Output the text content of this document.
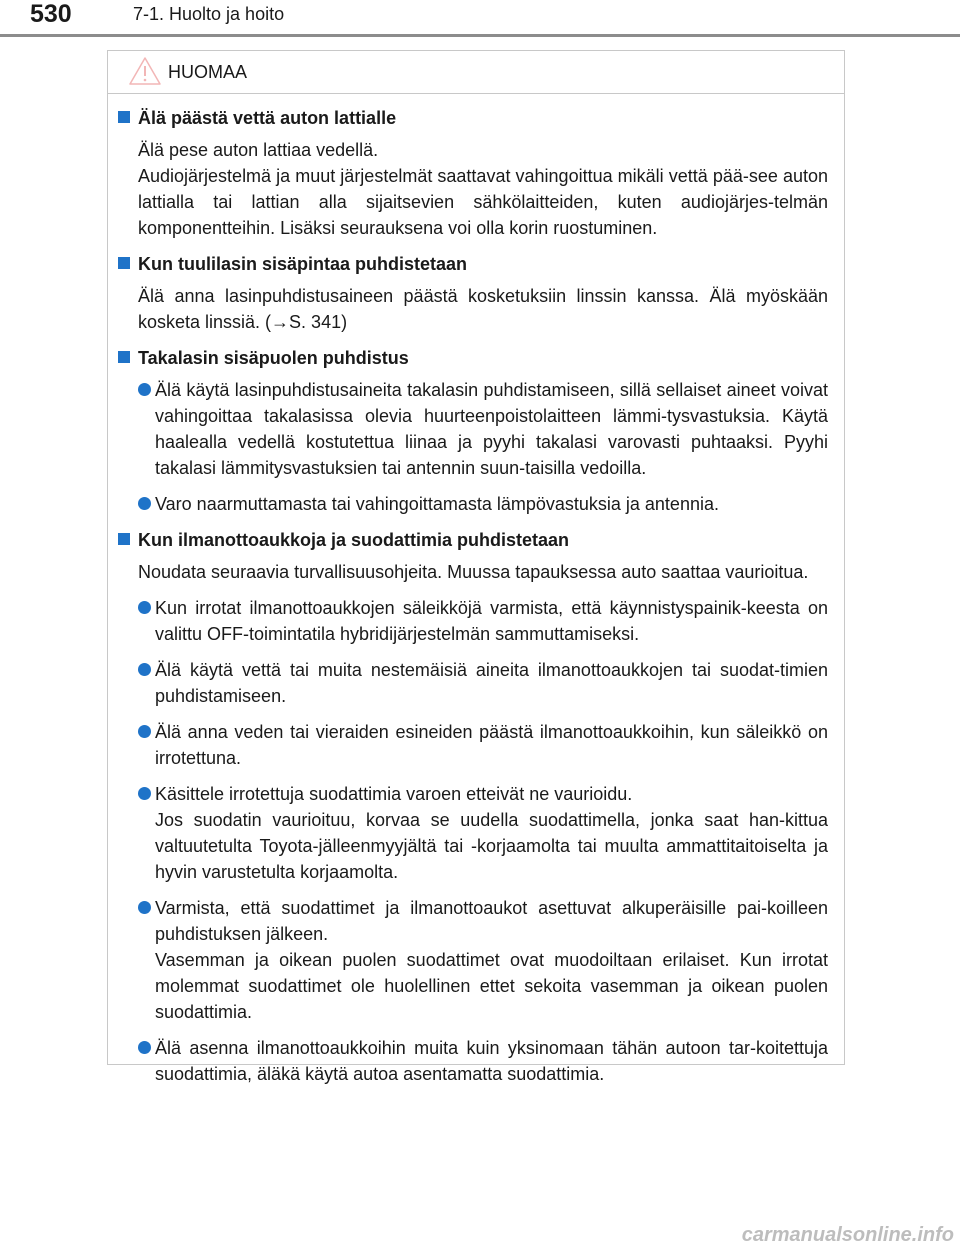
530	7-1. Huolto ja hoito
HUOMAA

Älä päästä vettä auton lattialle

Älä pese auton lattiaa vedellä.

Audiojärjestelmä ja muut järjestelmät saattavat vahingoittua mikäli vettä pää-see auton lattialla tai lattian alla sijaitsevien sähkölaitteiden, kuten audiojärjes-telmän komponentteihin. Lisäksi seurauksena voi olla korin ruostuminen.

Kun tuulilasin sisäpintaa puhdistetaan

Älä anna lasinpuhdistusaineen päästä kosketuksiin linssin kanssa. Älä myöskään kosketa linssiä. (→S. 341)

Takalasin sisäpuolen puhdistus

Älä käytä lasinpuhdistusaineita takalasin puhdistamiseen, sillä sellaiset aineet voivat vahingoittaa takalasissa olevia huurteenpoistolaitteen lämmi-tysvastuksia. Käytä haalealla vedellä kostutettua liinaa ja pyyhi takalasi varovasti puhtaaksi. Pyyhi takalasi lämmitysvastuksien tai antennin suun-taisilla vedoilla.

Varo naarmuttamasta tai vahingoittamasta lämpövastuksia ja antennia.

Kun ilmanottoaukkoja ja suodattimia puhdistetaan

Noudata seuraavia turvallisuusohjeita. Muussa tapauksessa auto saattaa vaurioitua.

Kun irrotat ilmanottoaukkojen säleikköjä varmista, että käynnistyspainik-keesta on valittu OFF-toimintatila hybridijärjestelmän sammuttamiseksi.

Älä käytä vettä tai muita nestemäisiä aineita ilmanottoaukkojen tai suodat-timien puhdistamiseen.

Älä anna veden tai vieraiden esineiden päästä ilmanottoaukkoihin, kun säleikkö on irrotettuna.

Käsittele irrotettuja suodattimia varoen etteivät ne vaurioidu.

Jos suodatin vaurioituu, korvaa se uudella suodattimella, jonka saat han-kittua valtuutetulta Toyota-jälleenmyyjältä tai -korjaamolta tai muulta ammattitaitoiselta ja hyvin varustetulta korjaamolta.

Varmista, että suodattimet ja ilmanottoaukot asettuvat alkuperäisille pai-koilleen puhdistuksen jälkeen.

Vasemman ja oikean puolen suodattimet ovat muodoiltaan erilaiset. Kun irrotat molemmat suodattimet ole huolellinen ettet sekoita vasemman ja oikean puolen suodattimia.

Älä asenna ilmanottoaukkoihin muita kuin yksinomaan tähän autoon tar-koitettuja suodattimia, äläkä käytä autoa asentamatta suodattimia.

carmanualsonline.info
